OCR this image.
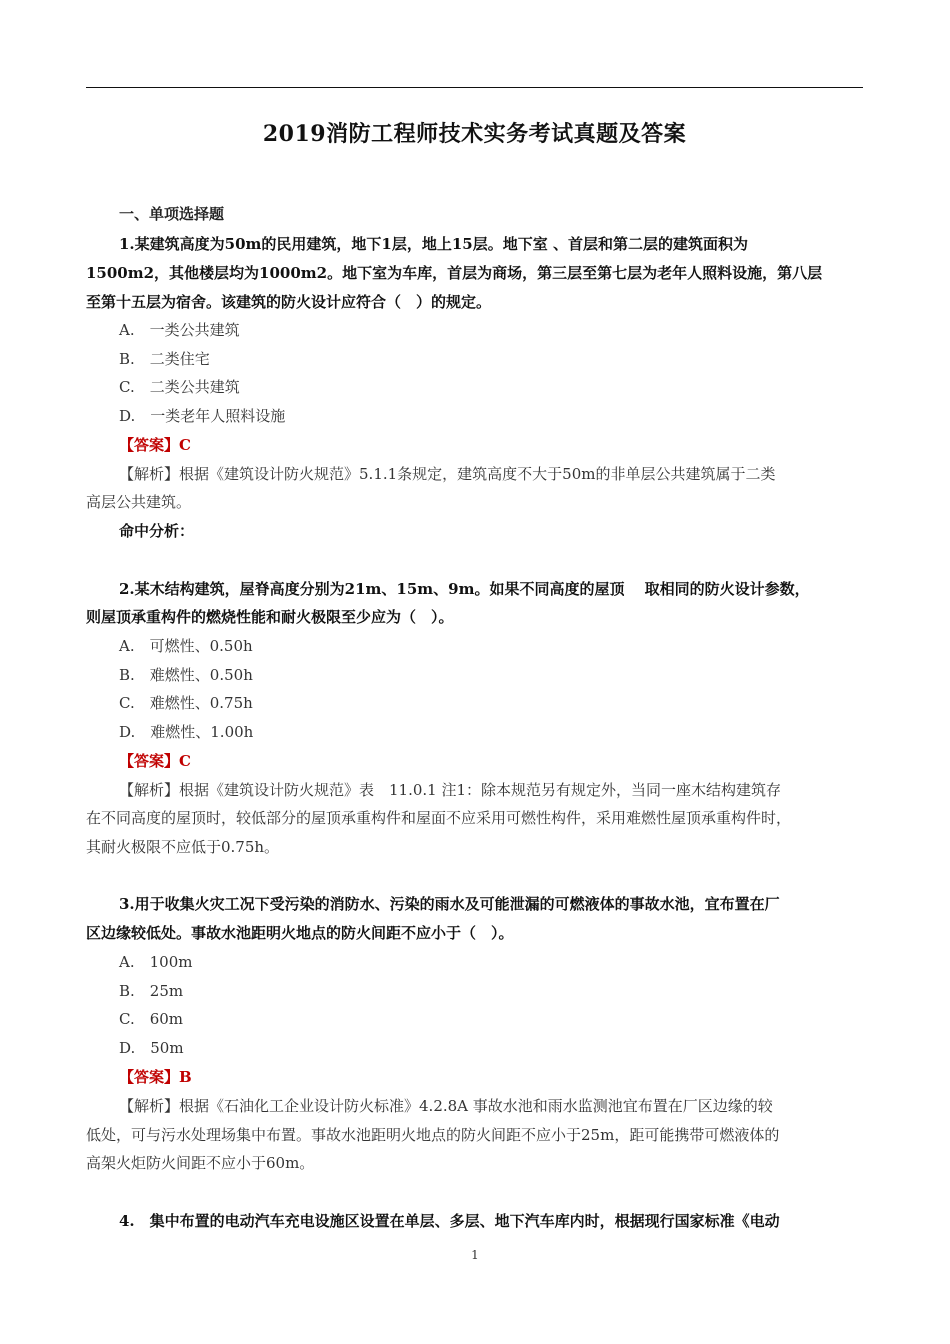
2019消防工程师技术实务考试真题及答案
一、单项选择题
1.某建筑高度为50m的民用建筑，地下1层，地上15层。地下室 、首层和第二层的建筑面积为
1500m2，其他楼层均为1000m2。地下室为车库，首层为商场，第三层至第七层为老年人照料设施，第八层
至第十五层为宿舍。该建筑的防火设计应符合（　）的规定。
A.　一类公共建筑
B.　二类住宅
C.　二类公共建筑
D.　一类老年人照料设施
【答案】C
【解析】根据《建筑设计防火规范》5.1.1条规定，建筑高度不大于50m的非单层公共建筑属于二类
高层公共建筑。
命中分析：
2.某木结构建筑，屋脊高度分别为21m、15m、9m。如果不同高度的屋顶　 取相同的防火设计参数，
则屋顶承重构件的燃烧性能和耐火极限至少应为（　）。
A.　可燃性、0.50h
B.　难燃性、0.50h
C.　难燃性、0.75h
D.　难燃性、1.00h
【答案】C
【解析】根据《建筑设计防火规范》表　11.0.1 注1：除本规范另有规定外，当同一座木结构建筑存
在不同高度的屋顶时，较低部分的屋顶承重构件和屋面不应采用可燃性构件，采用难燃性屋顶承重构件时，
其耐火极限不应低于0.75h。
3.用于收集火灾工况下受污染的消防水、污染的雨水及可能泄漏的可燃液体的事故水池，宜布置在厂
区边缘较低处。事故水池距明火地点的防火间距不应小于（　）。
A.　100m
B.　25m
C.　60m
D.　50m
【答案】B
【解析】根据《石油化工企业设计防火标准》4.2.8A 事故水池和雨水监测池宜布置在厂区边缘的较
低处，可与污水处理场集中布置。事故水池距明火地点的防火间距不应小于25m，距可能携带可燃液体的
高架火炬防火间距不应小于60m。
4.　集中布置的电动汽车充电设施区设置在单层、多层、地下汽车库内时，根据现行国家标准《电动
1
